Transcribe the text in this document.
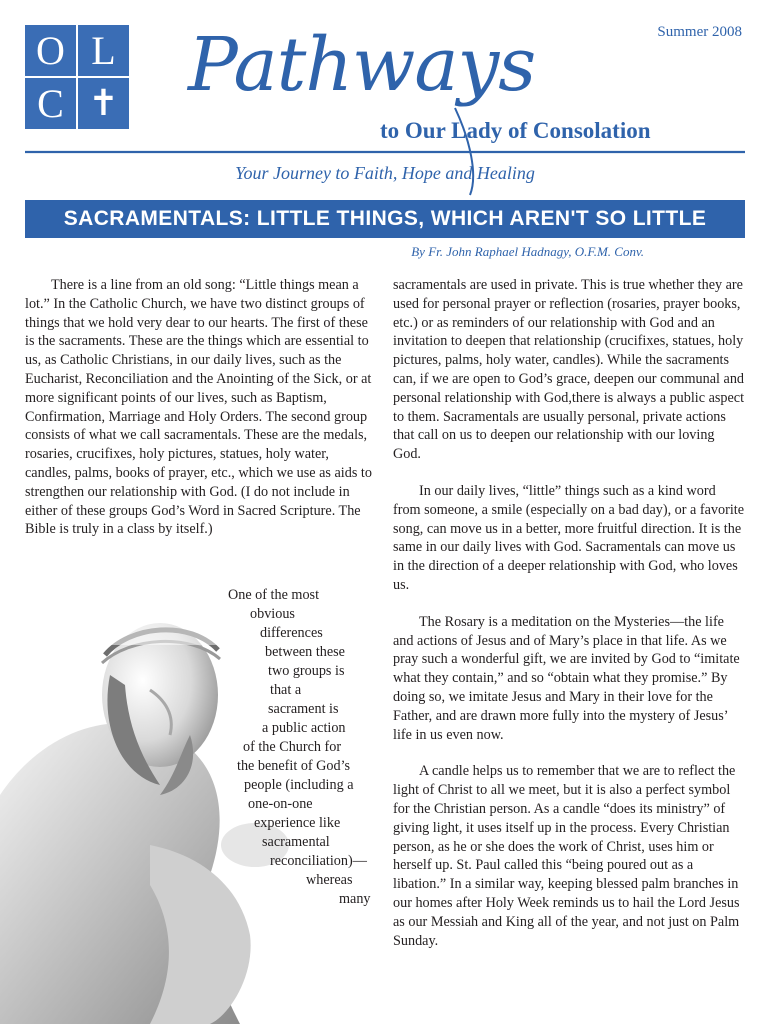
O L
C ✝
Summer 2008
Pathways
to Our Lady of Consolation
Your Journey to Faith, Hope and Healing
SACRAMENTALS: LITTLE THINGS, WHICH AREN'T SO LITTLE
By Fr. John Raphael Hadnagy, O.F.M. Conv.

There is a line from an old song: “Little things mean a lot.” In the Catholic Church, we have two distinct groups of things that we hold very dear to our hearts. The first of these is the sacraments. These are the things which are essential to us, as Catholic Christians, in our daily lives, such as the Eucharist, Reconciliation and the Anointing of the Sick, or at more significant points of our lives, such as Baptism, Confirmation, Marriage and Holy Orders. The second group consists of what we call sacramentals. These are the medals, rosaries, crucifixes, holy pictures, statues, holy water, candles, palms, books of prayer, etc., which we use as aids to strengthen our relationship with God. (I do not include in either of these groups God’s Word in Sacred Scripture. The Bible is truly in a class by itself.)

One of the most
obvious
differences
between these
two groups is
that a
sacrament is
a public action
of the Church for
the benefit of God’s
people (including a
one-on-one
experience like
sacramental
reconciliation)—
whereas
many

sacramentals are used in private. This is true whether they are used for personal prayer or reflection (rosaries, prayer books, etc.) or as reminders of our relationship with God and an invitation to deepen that relationship (crucifixes, statues, holy pictures, palms, holy water, candles). While the sacraments can, if we are open to God’s grace, deepen our communal and personal relationship with God,there is always a public aspect to them. Sacramentals are usually personal, private actions that call on us to deepen our relationship with our loving God.

In our daily lives, “little” things such as a kind word from someone, a smile (especially on a bad day), or a favorite song, can move us in a better, more fruitful direction. It is the same in our daily lives with God. Sacramentals can move us in the direction of a deeper relationship with God, who loves us.

The Rosary is a meditation on the Mysteries—the life and actions of Jesus and of Mary’s place in that life. As we pray such a wonderful gift, we are invited by God to “imitate what they contain,” and so “obtain what they promise.” By doing so, we imitate Jesus and Mary in their love for the Father, and are drawn more fully into the mystery of Jesus’ life in us even now.

A candle helps us to remember that we are to reflect the light of Christ to all we meet, but it is also a perfect symbol for the Christian person. As a candle “does its ministry” of giving light, it uses itself up in the process. Every Christian person, as he or she does the work of Christ, uses him or herself up. St. Paul called this “being poured out as a libation.” In a similar way, keeping blessed palm branches in our homes after Holy Week reminds us to hail the Lord Jesus as our Messiah and King all of the year, and not just on Palm Sunday.
